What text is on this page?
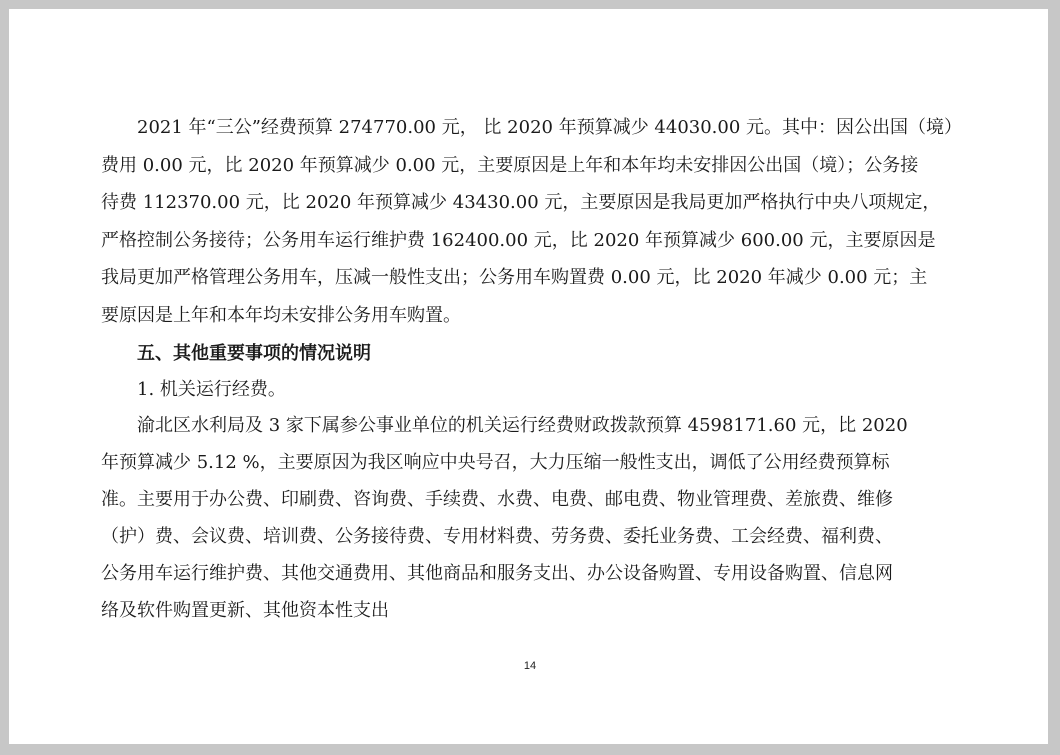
　　2021 年“三公”经费预算 274770.00 元， 比 2020 年预算减少 44030.00 元。其中：因公出国（境）
费用 0.00 元，比 2020 年预算减少 0.00 元，主要原因是上年和本年均未安排因公出国（境）；公务接
待费 112370.00 元，比 2020 年预算减少 43430.00 元，主要原因是我局更加严格执行中央八项规定，
严格控制公务接待；公务用车运行维护费 162400.00 元，比 2020 年预算减少 600.00 元，主要原因是
我局更加严格管理公务用车，压减一般性支出；公务用车购置费 0.00 元，比 2020 年减少 0.00 元；主
要原因是上年和本年均未安排公务用车购置。
　　五、其他重要事项的情况说明
　　1. 机关运行经费。
　　渝北区水利局及 3 家下属参公事业单位的机关运行经费财政拨款预算 4598171.60 元，比 2020
年预算减少 5.12 %，主要原因为我区响应中央号召，大力压缩一般性支出，调低了公用经费预算标
准。主要用于办公费、印刷费、咨询费、手续费、水费、电费、邮电费、物业管理费、差旅费、维修
（护）费、会议费、培训费、公务接待费、专用材料费、劳务费、委托业务费、工会经费、福利费、
公务用车运行维护费、其他交通费用、其他商品和服务支出、办公设备购置、专用设备购置、信息网
络及软件购置更新、其他资本性支出
14
